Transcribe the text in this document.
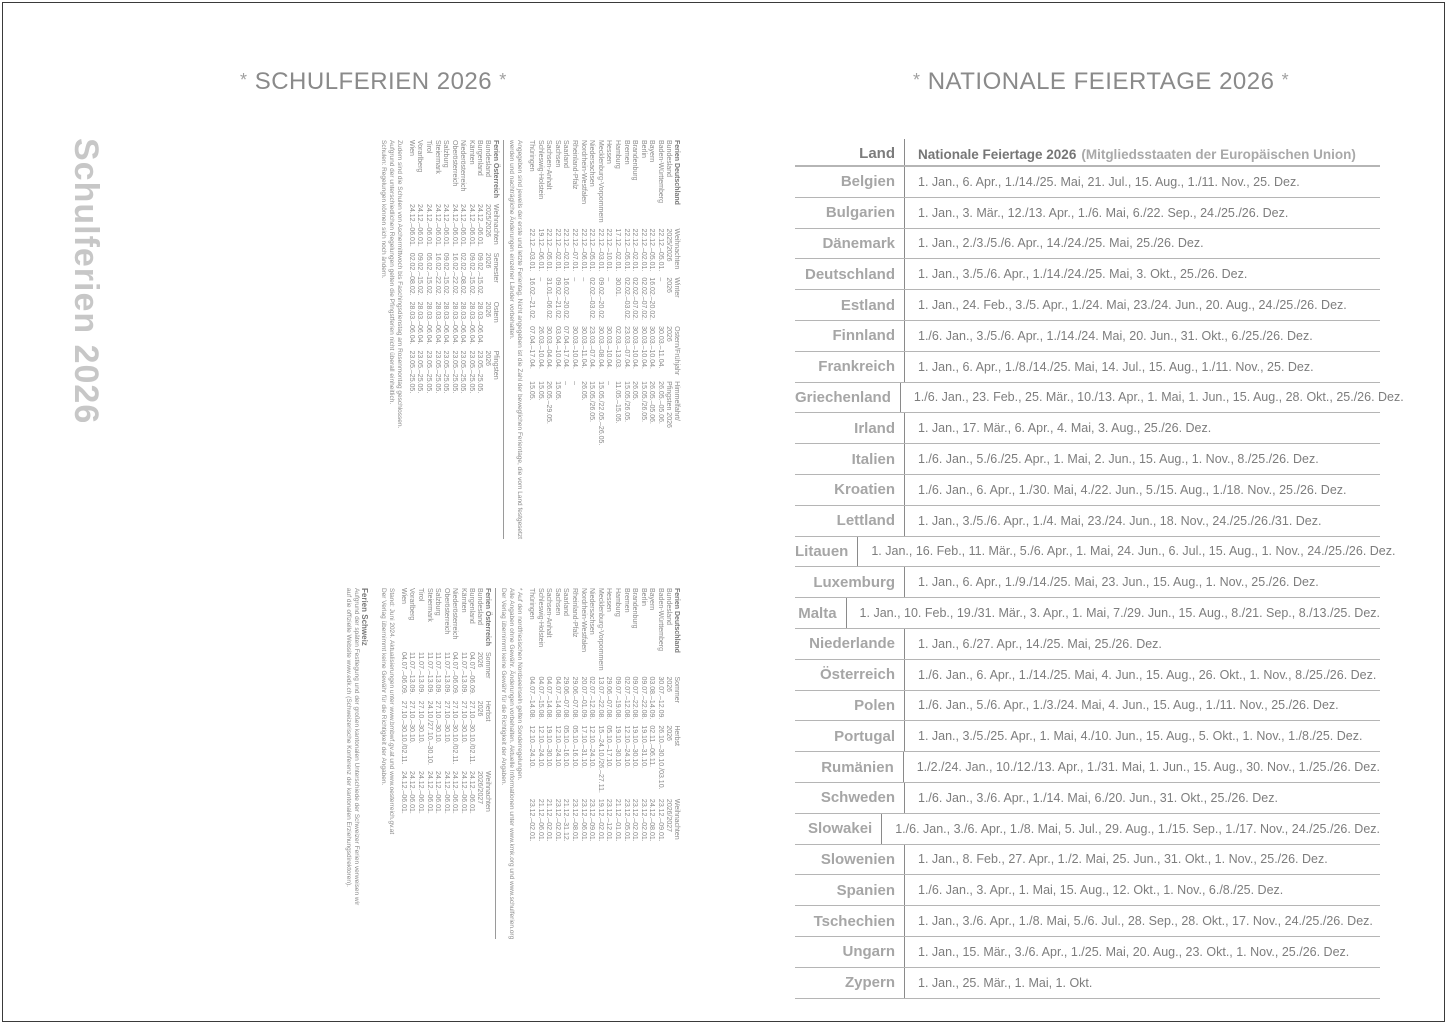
* SCHULFERIEN 2026 *
Schulferien 2026	Ferien Deutschland
Bundesland	Weihnachten
2025/2026	Winter
2026	Ostern/Frühjahr
2026	Himmelfahrt/
Pfingsten 2026
Baden-Württemberg	22.12.–05.01.	–	30.03.–11.04.	26.05.–05.06.
Bayern	22.12.–05.01.	16.02.–20.02.	30.03.–10.04.	26.05.–05.06.
Berlin	22.12.–02.01.	02.02.–07.02.	30.03.–10.04.	15.05./26.05.
Brandenburg	22.12.–02.01.	02.02.–07.02.	30.03.–10.04.	26.05.
Bremen	22.12.–05.01.	02.02.–03.02.	23.03.–07.04.	15.05./26.05.
Hamburg	17.12.–02.01.	30.01.	02.03.–13.03.	11.05.–15.05.
Hessen	22.12.–10.01.	–	30.03.–10.04.	–
Mecklenburg-Vorpommern	22.12.–03.01.	09.02.–20.02.	30.03.–08.04.	15.05./22.05.–26.05.
Niedersachsen	22.12.–05.01.	02.02.–03.02.	23.03.–07.04.	15.05./26.05.
Nordrhein-Westfalen	22.12.–06.01.	–	30.03.–11.04.	26.05.
Rheinland-Pfalz	22.12.–07.01.	–	30.03.–10.04.	–
Saarland	22.12.–02.01.	16.02.–20.02.	07.04.–17.04.	–
Sachsen	22.12.–02.01.	09.02.–21.02.	03.04.–10.04.	15.05.
Sachsen-Anhalt	22.12.–05.01.	31.01.–06.02.	30.03.–04.04.	26.05.–29.05.
Schleswig-Holstein	19.12.–06.01.	–	26.03.–10.04.	15.05.
Thüringen	22.12.–03.01.	16.02.–21.02.	07.04.–17.04.	15.05.
Angegeben sind jeweils der erste und letzte Ferientag. Nicht angegeben ist die Zahl der beweglichen Ferientage, die vom Land festgesetzt
werden und nachträgliche Änderungen einzelner Länder vorbehalten.
Ferien Österreich
Bundesland	Weihnachten
2025/2026	Semester
2026	Ostern
2026	Pfingsten
2026
Burgenland	24.12.–06.01.	09.02.–15.02.	28.03.–06.04.	23.05.–25.05.
Kärnten	24.12.–06.01.	09.02.–15.02.	28.03.–06.04.	23.05.–25.05.
Niederösterreich	24.12.–06.01.	02.02.–08.02.	28.03.–06.04.	23.05.–25.05.
Oberösterreich	24.12.–06.01.	16.02.–22.02.	28.03.–06.04.	23.05.–25.05.
Salzburg	24.12.–06.01.	09.02.–15.02.	28.03.–06.04.	23.05.–25.05.
Steiermark	24.12.–06.01.	16.02.–22.02.	28.03.–06.04.	23.05.–25.05.
Tirol	24.12.–06.01.	05.02.–15.02.	28.03.–06.04.	23.05.–25.05.
Vorarlberg	24.12.–06.01.	09.02.–15.02.	28.03.–06.04.	23.05.–25.05.
Wien	24.12.–06.01.	02.02.–08.02.	28.03.–06.04.	23.05.–25.05.
Zudem sind die Schulen von Aschermittwoch bis Faschingsdienstag am Rosenmontag geschlossen.
Aufgrund der unterschiedlichen Regelungen gelten die Pfingstferien nicht überall einheitlich.
Schulen: Regelungen können sich noch ändern.
Ferien Deutschland
Bundesland	Sommer
2026	Herbst
2026	Weihnachten
2026/2027
Baden-Württemberg	30.07.–12.09.	26.10.–30.10./03.10.	23.12.–09.01.
Bayern	03.08.–14.09.	02.11.–06.11.	24.12.–08.01.
Berlin	09.07.–22.08.	19.10.–31.10.	23.12.–02.01.
Brandenburg	09.07.–22.08.	19.10.–30.10.	23.12.–02.01.
Bremen	02.07.–12.08.	12.10.–24.10.	23.12.–05.01.
Hamburg	09.07.–19.08.	19.10.–30.10.	21.12.–01.01.
Hessen	29.06.–07.08.	05.10.–17.10.	23.12.–12.01.
Mecklenburg-Vorpommern	13.07.–22.08.	15.–24.10./26.–27.11.	19.12.–02.01.
Niedersachsen	02.07.–12.08.	12.10.–24.10.	23.12.–09.01.
Nordrhein-Westfalen	20.07.–01.09.	17.10.–31.10.	23.12.–06.01.
Rheinland-Pfalz	29.06.–07.08.	05.10.–16.10.	23.12.–08.01.
Saarland	29.06.–07.08.	05.10.–16.10.	21.12.–31.12.
Sachsen	04.07.–14.08.	12.10.–24.10.	23.12.–02.01.
Sachsen-Anhalt	04.07.–14.08.	19.10.–30.10.	21.12.–02.01.
Schleswig-Holstein	04.07.–15.08.	12.10.–24.10.	21.12.–06.01.
Thüringen	04.07.–14.08.	12.10.–24.10.	23.12.–02.01.
* Auf den nordfriesischen Nordseeinseln gelten Sonderregelungen.
Alle Angaben ohne Gewähr. Änderungen vorbehalten. Aktuelle Informationen unter www.kmk.org und www.schulferien.org
Der Verlag übernimmt keine Gewähr für die Richtigkeit der Angaben.
Ferien Österreich
Bundesland	Sommer
2026	Herbst
2026	Weihnachten
2026/2027
Burgenland	04.07.–06.09.	27.10.–30.10./02.11.	24.12.–06.01.
Kärnten	11.07.–13.09.	27.10.–30.10.	24.12.–06.01.
Niederösterreich	04.07.–06.09.	27.10.–30.10./02.11.	24.12.–06.01.
Oberösterreich	11.07.–13.09.	27.10.–30.10.	24.12.–06.01.
Salzburg	11.07.–13.09.	27.10.–30.10.	24.12.–06.01.
Steiermark	11.07.–13.09.	24.10./27.10.–30.10.	24.12.–06.01.
Tirol	11.07.–13.09.	27.10.–30.10.	24.12.–06.01.
Vorarlberg	11.07.–13.09.	27.10.–30.10.	24.12.–06.01.
Wien	04.07.–06.09.	27.10.–30.10./02.11.	24.12.–06.01.
Stand: Juni 2024. Aktualisierungen unter www.bmbwf.gv.at und www.oesterreich.gv.at
Der Verlag übernimmt keine Gewähr für die Richtigkeit der Angaben.
Ferien Schweiz
Aufgrund der späten Festlegung und der großen kantonalen Unterschiede der Schweizer Ferien verweisen wir
auf die offizielle Website www.edk.ch (Schweizerische Konferenz der kantonalen Erziehungsdirektoren).
* NATIONALE FEIERTAGE 2026 *
Land	Nationale Feiertage 2026 (Mitgliedsstaaten der Europäischen Union)
Belgien	1. Jan., 6. Apr., 1./14./25. Mai, 21. Jul., 15. Aug., 1./11. Nov., 25. Dez.
Bulgarien	1. Jan., 3. Mär., 12./13. Apr., 1./6. Mai, 6./22. Sep., 24./25./26. Dez.
Dänemark	1. Jan., 2./3./5./6. Apr., 14./24./25. Mai, 25./26. Dez.
Deutschland	1. Jan., 3./5./6. Apr., 1./14./24./25. Mai, 3. Okt., 25./26. Dez.
Estland	1. Jan., 24. Feb., 3./5. Apr., 1./24. Mai, 23./24. Jun., 20. Aug., 24./25./26. Dez.
Finnland	1./6. Jan., 3./5./6. Apr., 1./14./24. Mai, 20. Jun., 31. Okt., 6./25./26. Dez.
Frankreich	1. Jan., 6. Apr., 1./8./14./25. Mai, 14. Jul., 15. Aug., 1./11. Nov., 25. Dez.
Griechenland	1./6. Jan., 23. Feb., 25. Mär., 10./13. Apr., 1. Mai, 1. Jun., 15. Aug., 28. Okt., 25./26. Dez.
Irland	1. Jan., 17. Mär., 6. Apr., 4. Mai, 3. Aug., 25./26. Dez.
Italien	1./6. Jan., 5./6./25. Apr., 1. Mai, 2. Jun., 15. Aug., 1. Nov., 8./25./26. Dez.
Kroatien	1./6. Jan., 6. Apr., 1./30. Mai, 4./22. Jun., 5./15. Aug., 1./18. Nov., 25./26. Dez.
Lettland	1. Jan., 3./5./6. Apr., 1./4. Mai, 23./24. Jun., 18. Nov., 24./25./26./31. Dez.
Litauen	1. Jan., 16. Feb., 11. Mär., 5./6. Apr., 1. Mai, 24. Jun., 6. Jul., 15. Aug., 1. Nov., 24./25./26. Dez.
Luxemburg	1. Jan., 6. Apr., 1./9./14./25. Mai, 23. Jun., 15. Aug., 1. Nov., 25./26. Dez.
Malta	1. Jan., 10. Feb., 19./31. Mär., 3. Apr., 1. Mai, 7./29. Jun., 15. Aug., 8./21. Sep., 8./13./25. Dez.
Niederlande	1. Jan., 6./27. Apr., 14./25. Mai, 25./26. Dez.
Österreich	1./6. Jan., 6. Apr., 1./14./25. Mai, 4. Jun., 15. Aug., 26. Okt., 1. Nov., 8./25./26. Dez.
Polen	1./6. Jan., 5./6. Apr., 1./3./24. Mai, 4. Jun., 15. Aug., 1./11. Nov., 25./26. Dez.
Portugal	1. Jan., 3./5./25. Apr., 1. Mai, 4./10. Jun., 15. Aug., 5. Okt., 1. Nov., 1./8./25. Dez.
Rumänien	1./2./24. Jan., 10./12./13. Apr., 1./31. Mai, 1. Jun., 15. Aug., 30. Nov., 1./25./26. Dez.
Schweden	1./6. Jan., 3./6. Apr., 1./14. Mai, 6./20. Jun., 31. Okt., 25./26. Dez.
Slowakei	1./6. Jan., 3./6. Apr., 1./8. Mai, 5. Jul., 29. Aug., 1./15. Sep., 1./17. Nov., 24./25./26. Dez.
Slowenien	1. Jan., 8. Feb., 27. Apr., 1./2. Mai, 25. Jun., 31. Okt., 1. Nov., 25./26. Dez.
Spanien	1./6. Jan., 3. Apr., 1. Mai, 15. Aug., 12. Okt., 1. Nov., 6./8./25. Dez.
Tschechien	1. Jan., 3./6. Apr., 1./8. Mai, 5./6. Jul., 28. Sep., 28. Okt., 17. Nov., 24./25./26. Dez.
Ungarn	1. Jan., 15. Mär., 3./6. Apr., 1./25. Mai, 20. Aug., 23. Okt., 1. Nov., 25./26. Dez.
Zypern	1. Jan., 25. Mär., 1. Mai, 1. Okt.
